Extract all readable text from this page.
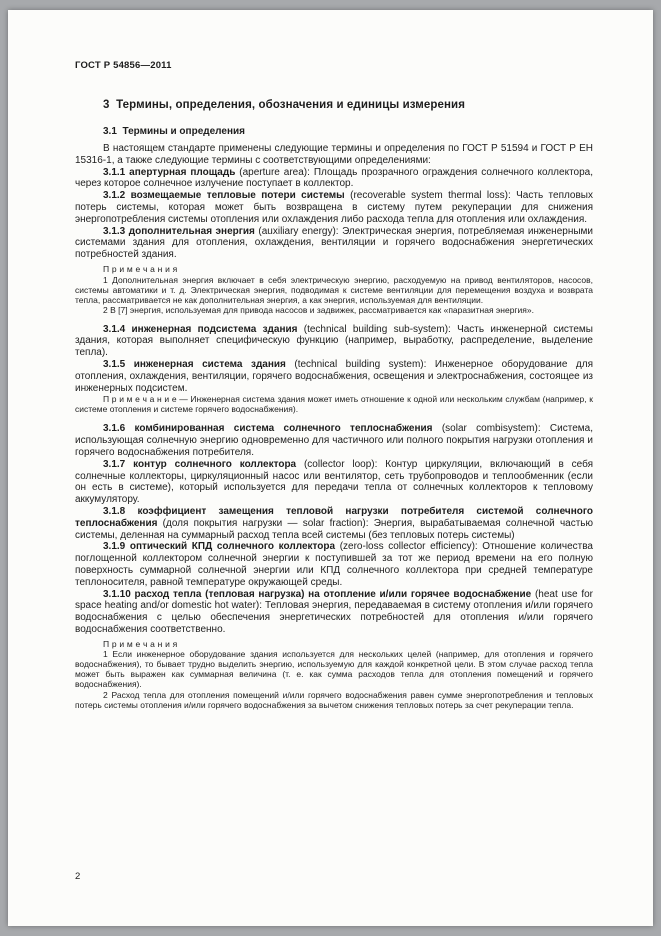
ГОСТ Р 54856—2011
3  Термины, определения, обозначения и единицы измерения

3.1  Термины и определения

В настоящем стандарте применены следующие термины и определения по ГОСТ Р 51594 и ГОСТ Р ЕН 15316-1, а также следующие термины с соответствующими определениями:

3.1.1 апертурная площадь (aperture area): Площадь прозрачного ограждения солнечного коллектора, через которое солнечное излучение поступает в коллектор.

3.1.2 возмещаемые тепловые потери системы (recoverable system thermal loss): Часть тепловых потерь системы, которая может быть возвращена в систему путем рекуперации для снижения энергопотребления системы отопления или охлаждения либо расхода тепла для отопления или охлаждения.

3.1.3 дополнительная энергия (auxiliary energy): Электрическая энергия, потребляемая инженерными системами здания для отопления, охлаждения, вентиляции и горячего водоснабжения энергетических потребностей здания.

П р и м е ч а н и я

1 Дополнительная энергия включает в себя электрическую энергию, расходуемую на привод вентиляторов, насосов, системы автоматики и т. д. Электрическая энергия, подводимая к системе вентиляции для перемещения воздуха и возврата тепла, рассматривается не как дополнительная энергия, а как энергия, используемая для вентиляции.

2 В [7] энергия, используемая для привода насосов и задвижек, рассматривается как «паразитная энергия».

3.1.4 инженерная подсистема здания (technical building sub-system): Часть инженерной системы здания, которая выполняет специфическую функцию (например, выработку, распределение, выделение тепла).

3.1.5 инженерная система здания (technical building system): Инженерное оборудование для отопления, охлаждения, вентиляции, горячего водоснабжения, освещения и электроснабжения, состоящее из инженерных подсистем.

П р и м е ч а н и е — Инженерная система здания может иметь отношение к одной или нескольким службам (например, к системе отопления и системе горячего водоснабжения).

3.1.6 комбинированная система солнечного теплоснабжения (solar combisystem): Система, использующая солнечную энергию одновременно для частичного или полного покрытия нагрузки отопления и горячего водоснабжения потребителя.

3.1.7 контур солнечного коллектора (collector loop): Контур циркуляции, включающий в себя солнечные коллекторы, циркуляционный насос или вентилятор, сеть трубопроводов и теплообменник (если он есть в системе), который используется для передачи тепла от солнечных коллекторов к тепловому аккумулятору.

3.1.8 коэффициент замещения тепловой нагрузки потребителя системой солнечного теплоснабжения (доля покрытия нагрузки — solar fraction): Энергия, вырабатываемая солнечной частью системы, деленная на суммарный расход тепла всей системы (без тепловых потерь системы)

3.1.9 оптический КПД солнечного коллектора (zero-loss collector efficiency): Отношение количества поглощенной коллектором солнечной энергии к поступившей за тот же период времени на его полную поверхность суммарной солнечной энергии или КПД солнечного коллектора при средней температуре теплоносителя, равной температуре окружающей среды.

3.1.10 расход тепла (тепловая нагрузка) на отопление и/или горячее водоснабжение (heat use for space heating and/or domestic hot water): Тепловая энергия, передаваемая в систему отопления и/или горячего водоснабжения с целью обеспечения энергетических потребностей для отопления и/или горячего водоснабжения соответственно.

П р и м е ч а н и я

1 Если инженерное оборудование здания используется для нескольких целей (например, для отопления и горячего водоснабжения), то бывает трудно выделить энергию, используемую для каждой конкретной цели. В этом случае расход тепла может быть выражен как суммарная величина (т. е. как сумма расходов тепла для отопления помещений и горячего водоснабжения).

2 Расход тепла для отопления помещений и/или горячего водоснабжения равен сумме энергопотребления и тепловых потерь системы отопления и/или горячего водоснабжения за вычетом снижения тепловых потерь за счет рекуперации тепла.

2
